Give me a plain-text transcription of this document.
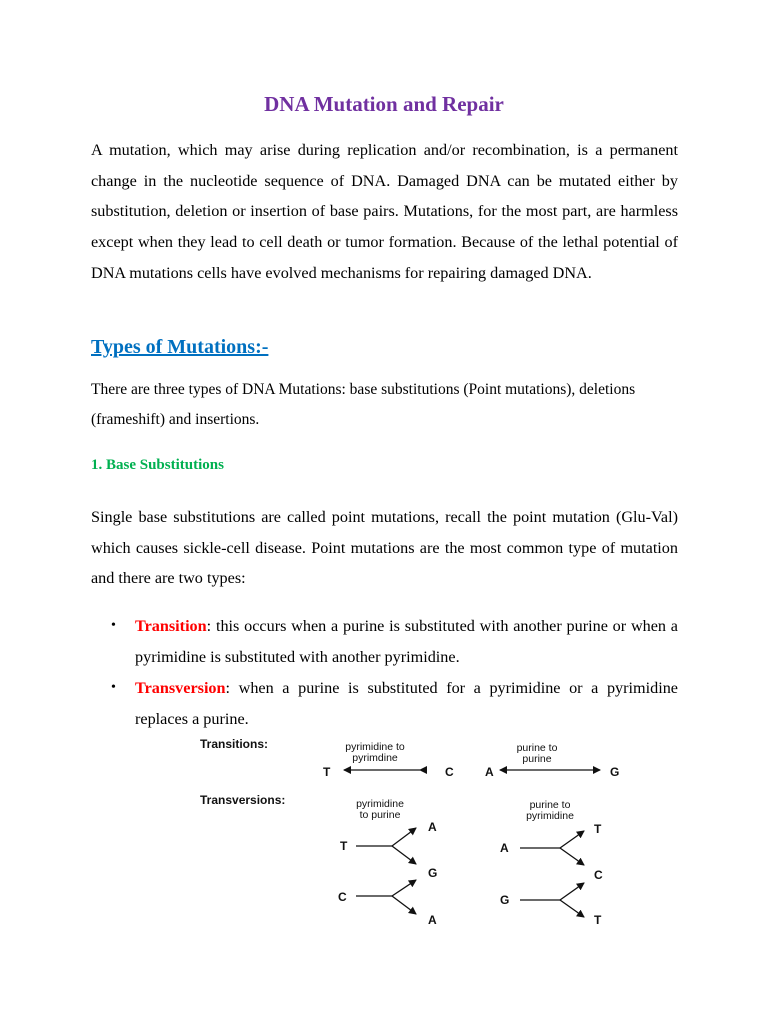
DNA Mutation and Repair

A mutation, which may arise during replication and/or recombination, is a permanent change in the nucleotide sequence of DNA. Damaged DNA can be mutated either by substitution, deletion or insertion of base pairs. Mutations, for the most part, are harmless except when they lead to cell death or tumor formation. Because of the lethal potential of DNA mutations cells have evolved mechanisms for repairing damaged DNA.

Types of Mutations:-

There are three types of DNA Mutations: base substitutions (Point mutations), deletions (frameshift) and insertions.

1. Base Substitutions

Single base substitutions are called point mutations, recall the point mutation (Glu-Val) which causes sickle-cell disease. Point mutations are the most common type of mutation and there are two types:

• Transition: this occurs when a purine is substituted with another purine or when a pyrimidine is substituted with another pyrimidine.
• Transversion: when a purine is substituted for a pyrimidine or a pyrimidine replaces a purine.
Transitions:
Transversions:
pyrimidine to
pyrimdine
T	C	A
purine to
purine
G
pyrimidine
to purine
T
A
G
C
A
purine to
pyrimidine
A
T
C
G
T
